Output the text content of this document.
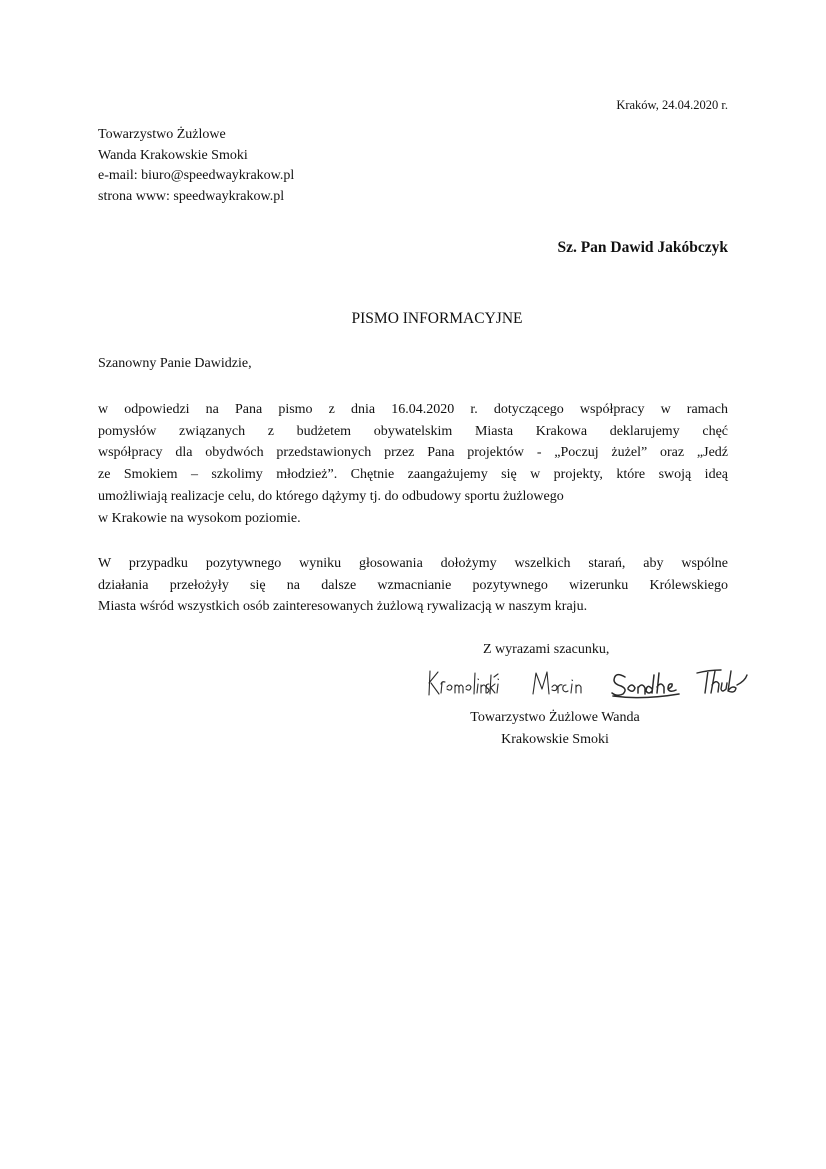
Kraków, 24.04.2020 r.
Towarzystwo Żużlowe
Wanda Krakowskie Smoki
e-mail: biuro@speedwaykrakow.pl
strona www: speedwaykrakow.pl
Sz. Pan Dawid Jakóbczyk
PISMO INFORMACYJNE
Szanowny Panie Dawidzie,
w odpowiedzi na Pana pismo z dnia 16.04.2020 r. dotyczącego współpracy w ramach
pomysłów związanych z budżetem obywatelskim Miasta Krakowa deklarujemy chęć
współpracy dla obydwóch przedstawionych przez Pana projektów - „Poczuj żużel” oraz „Jedź
ze Smokiem – szkolimy młodzież”. Chętnie zaangażujemy się w projekty, które swoją ideą
umożliwiają realizacje celu, do którego dążymy tj. do odbudowy sportu żużlowego
w Krakowie na wysokom poziomie.
W przypadku pozytywnego wyniku głosowania dołożymy wszelkich starań, aby wspólne
działania przełożyły się na dalsze wzmacnianie pozytywnego wizerunku Królewskiego
Miasta wśród wszystkich osób zainteresowanych żużlową rywalizacją w naszym kraju.
Z wyrazami szacunku,
Towarzystwo Żużlowe Wanda
Krakowskie Smoki
